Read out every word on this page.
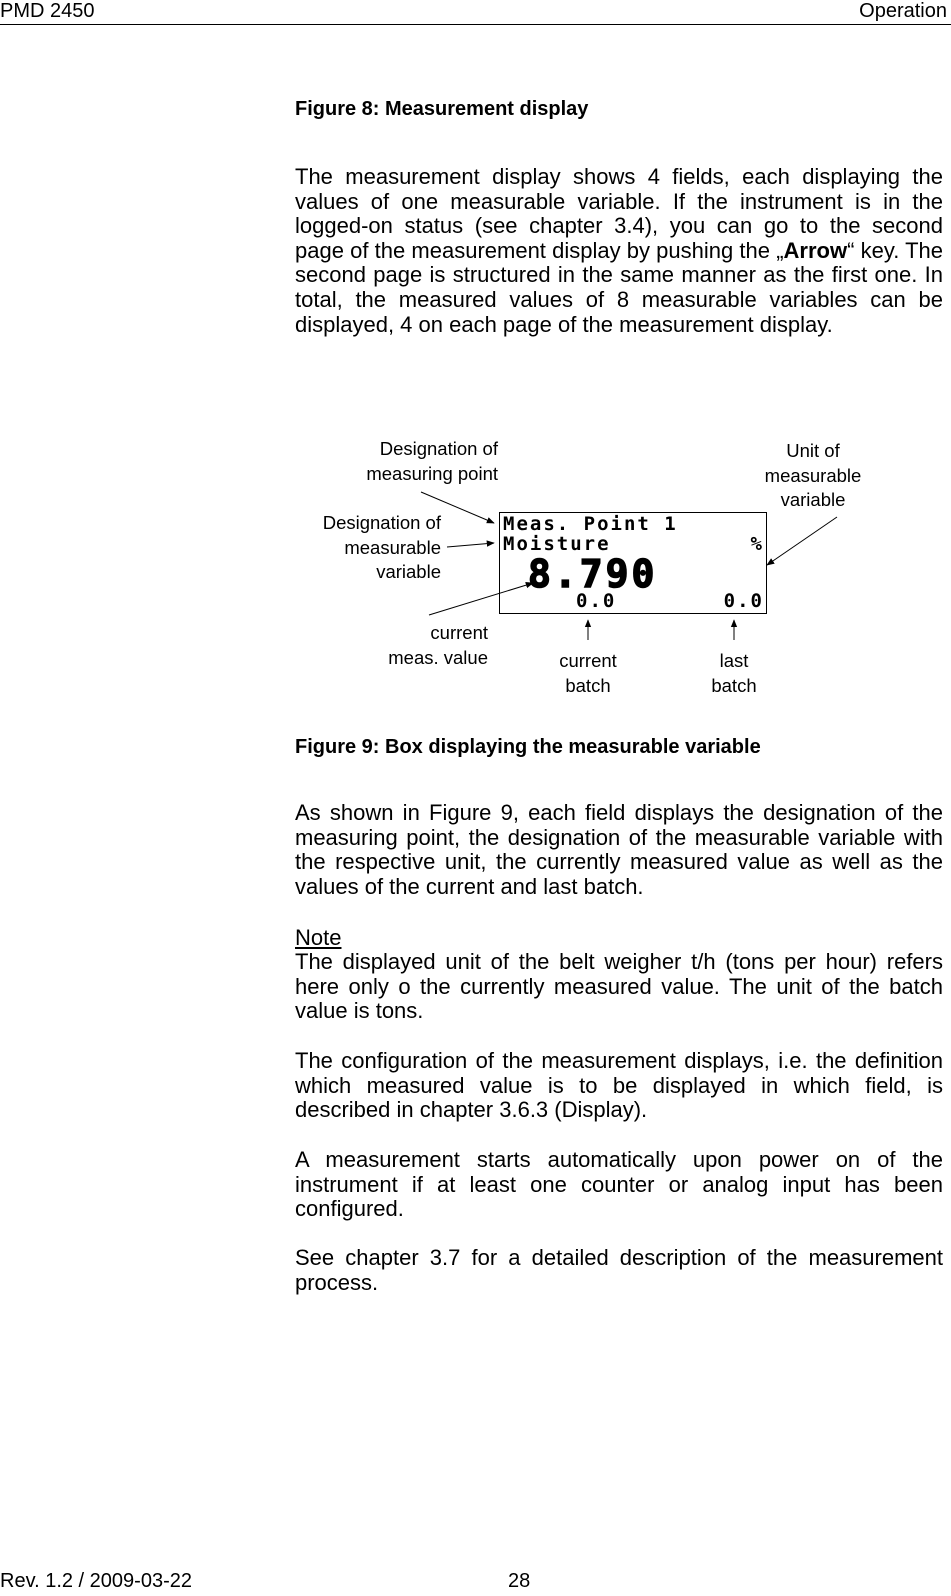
PMD 2450	Operation
Figure 8: Measurement display
The measurement display shows 4 fields, each displaying the values of one measurable variable. If the instrument is in the logged-on status (see chapter 3.4), you can go to the second page of the measurement display by pushing the „Arrow“ key. The second page is structured in the same manner as the first one. In total, the measured values of 8 measurable variables can be displayed, 4 on each page of the measurement display.
Designation of
measuring point
Designation of
measurable
variable
current
meas. value
Unit of
measurable
variable
current
batch
last
batch
Meas. Point 1
Moisture	%
8.790
0.0	0.0
Figure 9: Box displaying the measurable variable
As shown in Figure 9, each field displays the designation of the measuring point, the designation of the measurable variable with the respective unit, the currently measured value as well as the values of the current and last batch.
Note
The displayed unit of the belt weigher t/h (tons per hour) refers here only o the currently measured value. The unit of the batch value is tons.
The configuration of the measurement displays, i.e. the definition which measured value is to be displayed in which field, is described in chapter 3.6.3 (Display).
A measurement starts automatically upon power on of the instrument if at least one counter or analog input has been configured.
See chapter 3.7 for a detailed description of the measurement process.
Rev. 1.2 / 2009-03-22	28
